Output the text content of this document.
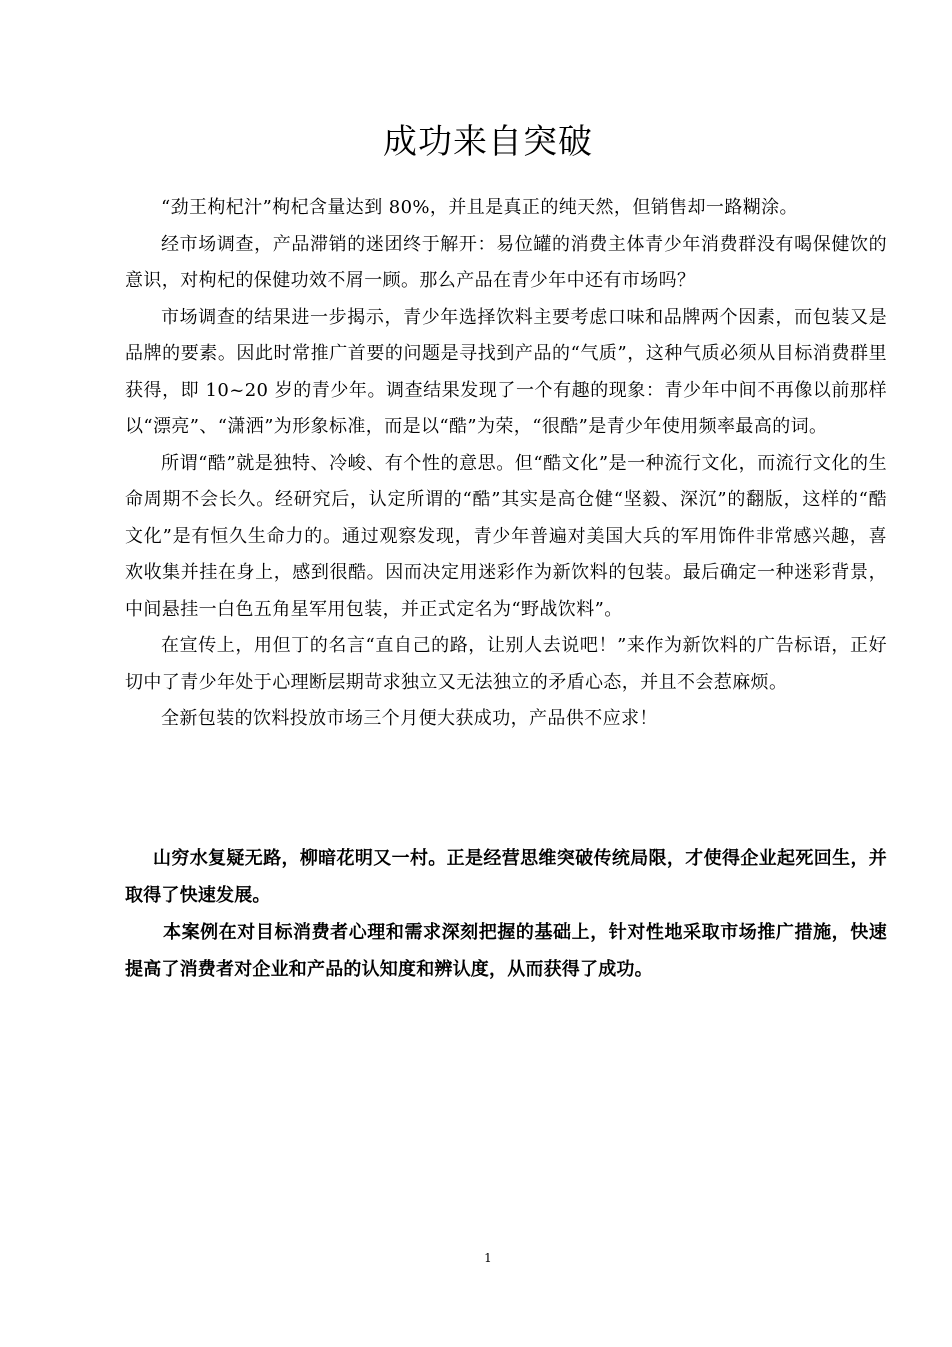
成功来自突破

“劲王枸杞汁”枸杞含量达到 80%，并且是真正的纯天然，但销售却一路糊涂。

经市场调查，产品滞销的迷团终于解开：易位罐的消费主体青少年消费群没有喝保健饮的意识，对枸杞的保健功效不屑一顾。那么产品在青少年中还有市场吗？

市场调查的结果进一步揭示，青少年选择饮料主要考虑口味和品牌两个因素，而包装又是品牌的要素。因此时常推广首要的问题是寻找到产品的“气质”，这种气质必须从目标消费群里获得，即 10~20 岁的青少年。调查结果发现了一个有趣的现象：青少年中间不再像以前那样以“漂亮”、“潇洒”为形象标准，而是以“酷”为荣，“很酷”是青少年使用频率最高的词。

所谓“酷”就是独特、冷峻、有个性的意思。但“酷文化”是一种流行文化，而流行文化的生命周期不会长久。经研究后，认定所谓的“酷”其实是高仓健“坚毅、深沉”的翻版，这样的“酷文化”是有恒久生命力的。通过观察发现，青少年普遍对美国大兵的军用饰件非常感兴趣，喜欢收集并挂在身上，感到很酷。因而决定用迷彩作为新饮料的包装。最后确定一种迷彩背景，中间悬挂一白色五角星军用包装，并正式定名为“野战饮料”。

在宣传上，用但丁的名言“直自己的路，让别人去说吧！”来作为新饮料的广告标语，正好切中了青少年处于心理断层期苛求独立又无法独立的矛盾心态，并且不会惹麻烦。

全新包装的饮料投放市场三个月便大获成功，产品供不应求！

山穷水复疑无路，柳暗花明又一村。正是经营思维突破传统局限，才使得企业起死回生，并取得了快速发展。

本案例在对目标消费者心理和需求深刻把握的基础上，针对性地采取市场推广措施，快速提高了消费者对企业和产品的认知度和辨认度，从而获得了成功。

1
